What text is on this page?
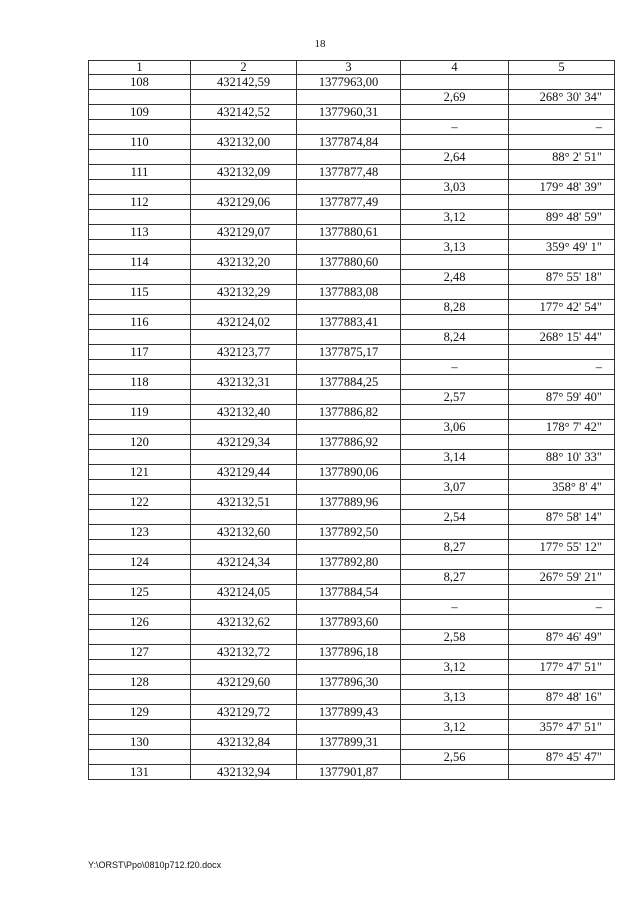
18
1	2	3	4	5
108	432142,59	1377963,00		
			2,69	268° 30' 34"
109	432142,52	1377960,31		
			–	–
110	432132,00	1377874,84		
			2,64	88° 2' 51"
111	432132,09	1377877,48		
			3,03	179° 48' 39"
112	432129,06	1377877,49		
			3,12	89° 48' 59"
113	432129,07	1377880,61		
			3,13	359° 49' 1"
114	432132,20	1377880,60		
			2,48	87° 55' 18"
115	432132,29	1377883,08		
			8,28	177° 42' 54"
116	432124,02	1377883,41		
			8,24	268° 15' 44"
117	432123,77	1377875,17		
			–	–
118	432132,31	1377884,25		
			2,57	87° 59' 40"
119	432132,40	1377886,82		
			3,06	178° 7' 42"
120	432129,34	1377886,92		
			3,14	88° 10' 33"
121	432129,44	1377890,06		
			3,07	358° 8' 4"
122	432132,51	1377889,96		
			2,54	87° 58' 14"
123	432132,60	1377892,50		
			8,27	177° 55' 12"
124	432124,34	1377892,80		
			8,27	267° 59' 21"
125	432124,05	1377884,54		
			–	–
126	432132,62	1377893,60		
			2,58	87° 46' 49"
127	432132,72	1377896,18		
			3,12	177° 47' 51"
128	432129,60	1377896,30		
			3,13	87° 48' 16"
129	432129,72	1377899,43		
			3,12	357° 47' 51"
130	432132,84	1377899,31		
			2,56	87° 45' 47"
131	432132,94	1377901,87		
Y:\ORST\Ppo\0810p712.f20.docx
